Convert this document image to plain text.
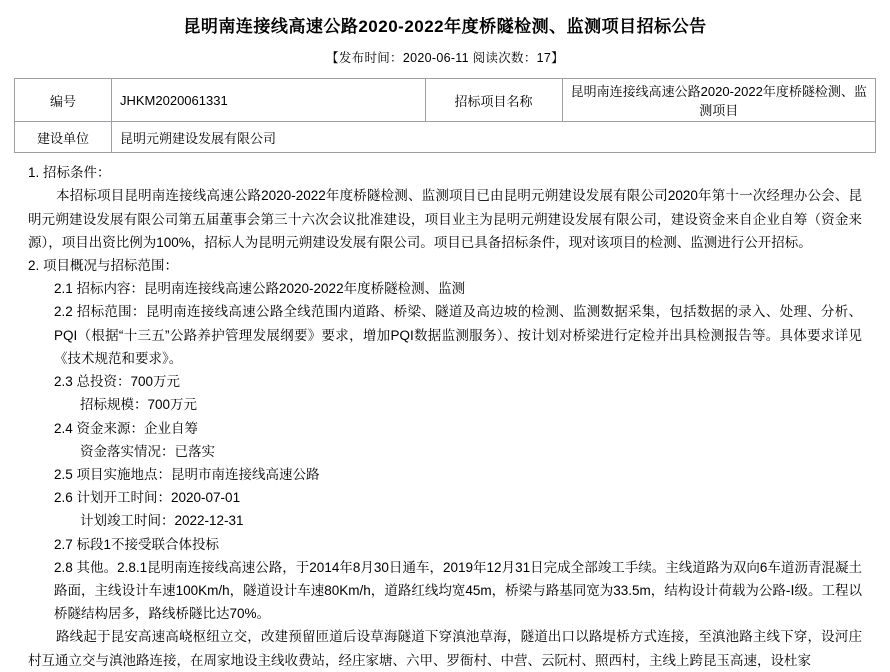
昆明南连接线高速公路2020-2022年度桥隧检测、监测项目招标公告
【发布时间：2020-06-11 阅读次数：17】
编号	JHKM2020061331	招标项目名称	昆明南连接线高速公路2020-2022年度桥隧检测、监测项目
建设单位	昆明元朔建设发展有限公司		

1. 招标条件：

本招标项目昆明南连接线高速公路2020-2022年度桥隧检测、监测项目已由昆明元朔建设发展有限公司2020年第十一次经理办公会、昆明元朔建设发展有限公司第五届董事会第三十六次会议批准建设，项目业主为昆明元朔建设发展有限公司，建设资金来自企业自筹（资金来源），项目出资比例为100%，招标人为昆明元朔建设发展有限公司。项目已具备招标条件，现对该项目的检测、监测进行公开招标。

2. 项目概况与招标范围：

2.1 招标内容：昆明南连接线高速公路2020-2022年度桥隧检测、监测

2.2 招标范围：昆明南连接线高速公路全线范围内道路、桥梁、隧道及高边坡的检测、监测数据采集，包括数据的录入、处理、分析、PQI（根据“十三五”公路养护管理发展纲要》要求，增加PQI数据监测服务）、按计划对桥梁进行定检并出具检测报告等。具体要求详见《技术规范和要求》。

2.3 总投资：700万元

招标规模：700万元

2.4 资金来源：企业自筹

资金落实情况：已落实

2.5 项目实施地点：昆明市南连接线高速公路

2.6 计划开工时间：2020-07-01

计划竣工时间：2022-12-31

2.7 标段1不接受联合体投标

2.8 其他。2.8.1昆明南连接线高速公路，于2014年8月30日通车，2019年12月31日完成全部竣工手续。主线道路为双向6车道沥青混凝土路面，主线设计车速100Km/h，隧道设计车速80Km/h，道路红线均宽45m，桥梁与路基同宽为33.5m，结构设计荷载为公路-Ⅰ级。工程以桥隧结构居多，路线桥隧比达70%。

路线起于昆安高速高峣枢纽立交，改建预留匝道后设草海隧道下穿滇池草海，隧道出口以路堤桥方式连接，至滇池路主线下穿，设河庄村互通立交与滇池路连接，在周家地设主线收费站，经庄家塘、六甲、罗衙村、中营、云阮村、照西村，主线上跨昆玉高速，设杜家
